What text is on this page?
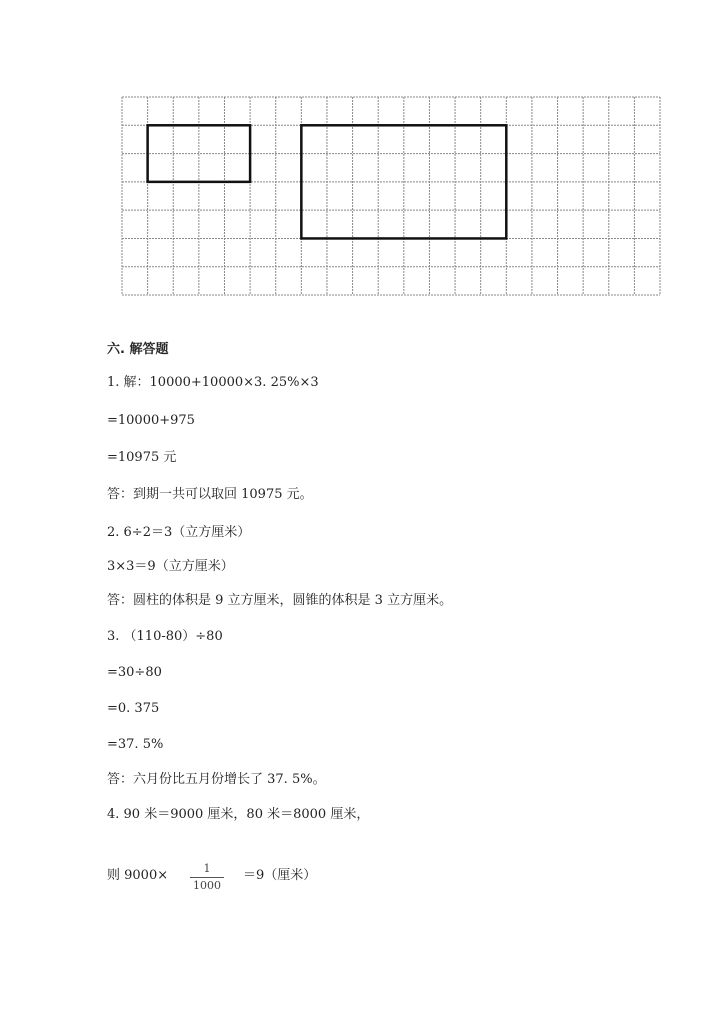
六. 解答题
1. 解：10000+10000×3. 25%×3
=10000+975
=10975 元
答：到期一共可以取回 10975 元。
2. 6÷2＝3（立方厘米）
3×3＝9（立方厘米）
答：圆柱的体积是 9 立方厘米，圆锥的体积是 3 立方厘米。
3. （110-80）÷80
=30÷80
=0. 375
=37. 5%
答：六月份比五月份增长了 37. 5%。
4. 90 米＝9000 厘米，80 米＝8000 厘米，
则 $9000\times \frac{1}{1000} =9$（厘米）
